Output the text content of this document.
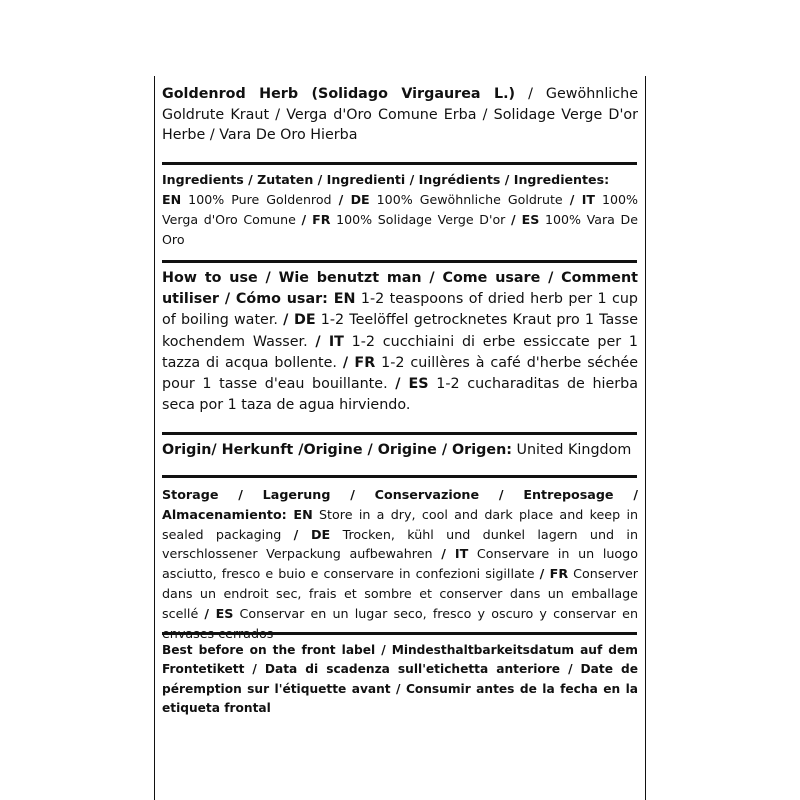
Goldenrod Herb (Solidago Virgaurea L.) / Gewöhnliche Goldrute Kraut / Verga d'Oro Comune Erba / Solidage Verge D'or Herbe / Vara De Oro Hierba
Ingredients / Zutaten / Ingredienti / Ingrédients / Ingredientes:
EN 100% Pure Goldenrod / DE 100% Gewöhnliche Goldrute / IT 100% Verga d'Oro Comune / FR 100% Solidage Verge D'or / ES 100% Vara De Oro
How to use / Wie benutzt man / Come usare / Comment utiliser / Cómo usar: EN 1-2 teaspoons of dried herb per 1 cup of boiling water. / DE 1-2 Teelöffel getrocknetes Kraut pro 1 Tasse kochendem Wasser. / IT 1-2 cucchiaini di erbe essiccate per 1 tazza di acqua bollente. / FR 1-2 cuillères à café d'herbe séchée pour 1 tasse d'eau bouillante. / ES 1-2 cucharaditas de hierba seca por 1 taza de agua hirviendo.
Origin/ Herkunft /Origine / Origine / Origen: United Kingdom
Storage / Lagerung / Conservazione / Entreposage / Almacenamiento: EN Store in a dry, cool and dark place and keep in sealed packaging / DE Trocken, kühl und dunkel lagern und in verschlossener Verpackung aufbewahren / IT Conservare in un luogo asciutto, fresco e buio e conservare in confezioni sigillate / FR Conserver dans un endroit sec, frais et sombre et conserver dans un emballage scellé / ES Conservar en un lugar seco, fresco y oscuro y conservar en envases cerrados
Best before on the front label / Mindesthaltbarkeitsdatum auf dem Frontetikett / Data di scadenza sull'etichetta anteriore / Date de péremption sur l'étiquette avant / Consumir antes de la fecha en la etiqueta frontal
